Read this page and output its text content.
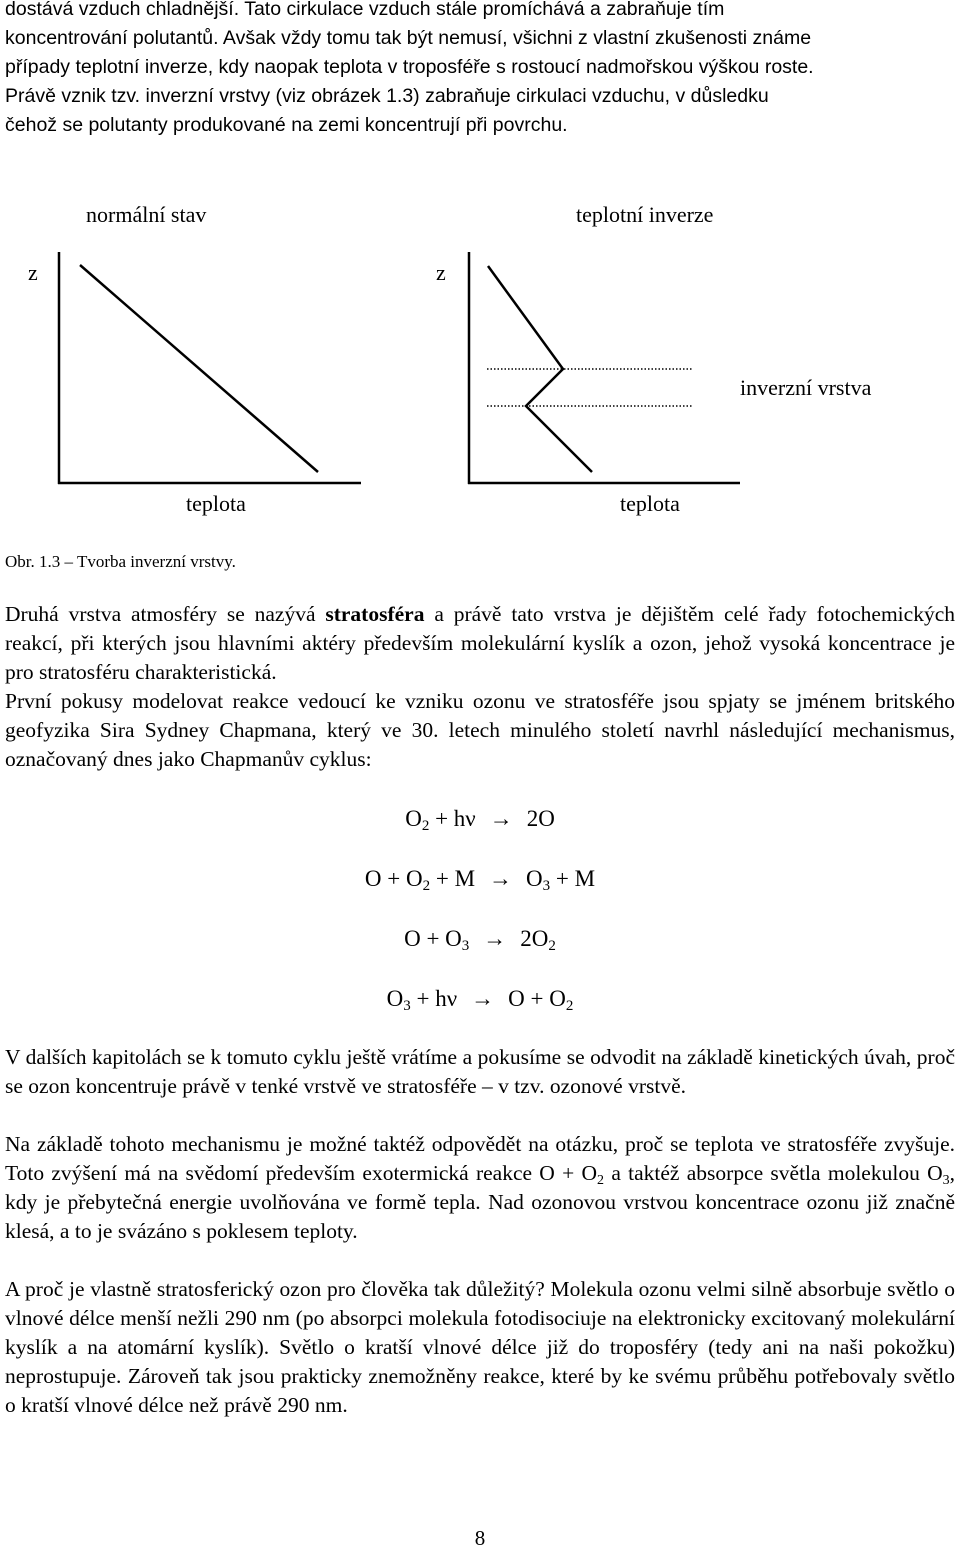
dostává vzduch chladnější. Tato cirkulace vzduch stále promíchává a zabraňuje tím
koncentrování polutantů. Avšak vždy tomu tak být nemusí, všichni z vlastní zkušenosti známe
případy teplotní inverze, kdy naopak teplota v troposféře s rostoucí nadmořskou výškou roste.
Právě vznik tzv. inverzní vrstvy (viz obrázek 1.3) zabraňuje cirkulaci vzduchu, v důsledku
čehož se polutanty produkované na zemi koncentrují při povrchu.
normální stav	teplotní inverze
z	z
inverzní vrstva
teplota	teplota
Obr. 1.3 – Tvorba inverzní vrstvy.
Druhá vrstva atmosféry se nazývá stratosféra a právě tato vrstva je dějištěm celé řady fotochemických reakcí, při kterých jsou hlavními aktéry především molekulární kyslík a ozon, jehož vysoká koncentrace je pro stratosféru charakteristická.
První pokusy modelovat reakce vedoucí ke vzniku ozonu ve stratosféře jsou spjaty se jménem britského geofyzika Sira Sydney Chapmana, který ve 30. letech minulého století navrhl následující mechanismus, označovaný dnes jako Chapmanův cyklus:
$O_2 + h\nu \to 2O$
$O + O_2 + M \to O_3 + M$
$O + O_3 \to 2O_2$
$O_3 + h\nu \to O + O_2$
V dalších kapitolách se k tomuto cyklu ještě vrátíme a pokusíme se odvodit na základě kinetických úvah, proč se ozon koncentruje právě v tenké vrstvě ve stratosféře – v tzv. ozonové vrstvě.
Na základě tohoto mechanismu je možné taktéž odpovědět na otázku, proč se teplota ve stratosféře zvyšuje. Toto zvýšení má na svědomí především exotermická reakce $O + O_2$ a taktéž absorpce světla molekulou $O_3$, kdy je přebytečná energie uvolňována ve formě tepla. Nad ozonovou vrstvou koncentrace ozonu již značně klesá, a to je svázáno s poklesem teploty.
A proč je vlastně stratosferický ozon pro člověka tak důležitý? Molekula ozonu velmi silně absorbuje světlo o vlnové délce menší nežli 290 nm (po absorpci molekula fotodisociuje na elektronicky excitovaný molekulární kyslík a na atomární kyslík). Světlo o kratší vlnové délce již do troposféry (tedy ani na naši pokožku) neprostupuje. Zároveň tak jsou prakticky znemožněny reakce, které by ke svému průběhu potřebovaly světlo o kratší vlnové délce než právě 290 nm.
8
